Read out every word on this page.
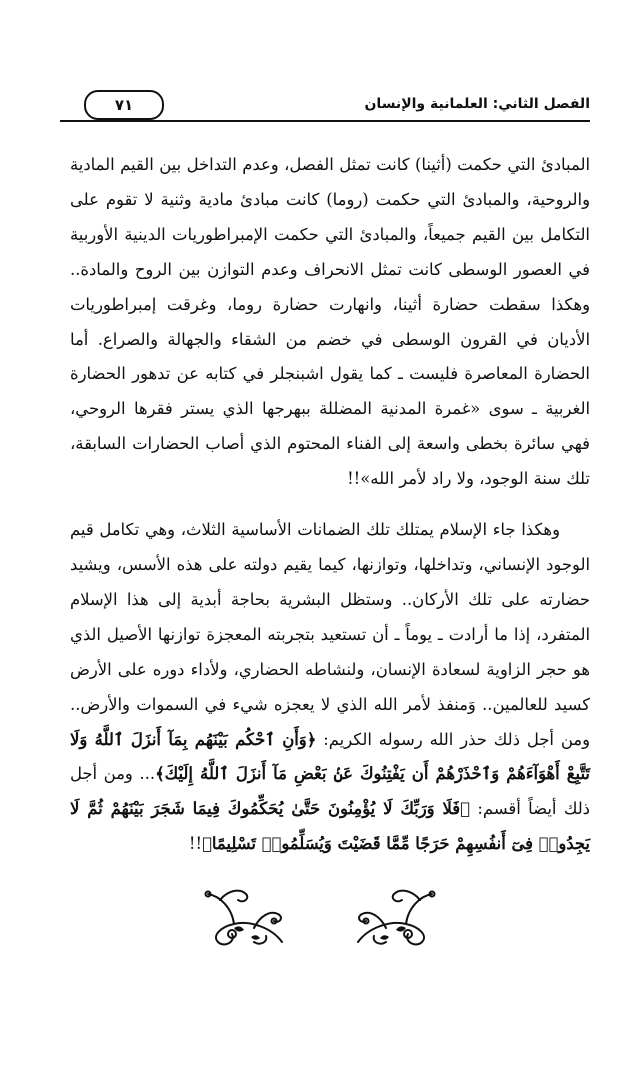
الفصل الثاني: العلمانية والإنسان
٧١

المبادئ التي حكمت (أثينا) كانت تمثل الفصل، وعدم التداخل بين القيم المادية والروحية، والمبادئ التي حكمت (روما) كانت مبادئ مادية وثنية لا تقوم على التكامل بين القيم جميعاً، والمبادئ التي حكمت الإمبراطوريات الدينية الأوربية في العصور الوسطى كانت تمثل الانحراف وعدم التوازن بين الروح والمادة.. وهكذا سقطت حضارة أثينا، وانهارت حضارة روما، وغرقت إمبراطوريات الأديان في القرون الوسطى في خضم من الشقاء والجهالة والصراع. أما الحضارة المعاصرة فليست ـ كما يقول اشبنجلر في كتابه عن تدهور الحضارة الغربية ـ سوى «غمرة المدنية المضللة ببهرجها الذي يستر فقرها الروحي، فهي سائرة بخطى واسعة إلى الفناء المحتوم الذي أصاب الحضارات السابقة، تلك سنة الوجود، ولا راد لأمر الله»!!

وهكذا جاء الإسلام يمتلك تلك الضمانات الأساسية الثلاث، وهي تكامل قيم الوجود الإنساني، وتداخلها، وتوازنها، كيما يقيم دولته على هذه الأسس، ويشيد حضارته على تلك الأركان.. وستظل البشرية بحاجة أبدية إلى هذا الإسلام المتفرد، إذا ما أرادت ـ يوماً ـ أن تستعيد بتجربته المعجزة توازنها الأصيل الذي هو حجر الزاوية لسعادة الإنسان، ولنشاطه الحضاري، ولأداء دوره على الأرض كسيد للعالمين.. وَمنفذ لأمر الله الذي لا يعجزه شيء في السموات والأرض.. ومن أجل ذلك حذر الله رسوله الكريم: ﴿وَأَنِ ٱحْكُم بَيْنَهُم بِمَآ أَنزَلَ ٱللَّهُ وَلَا تَتَّبِعْ أَهْوَآءَهُمْ وَٱحْذَرْهُمْ أَن يَفْتِنُوكَ عَنۢ بَعْضِ مَآ أَنزَلَ ٱللَّهُ إِلَيْكَ﴾... ومن أجل ذلك أيضاً أقسم: ﴿فَلَا وَرَبِّكَ لَا يُؤْمِنُونَ حَتَّىٰ يُحَكِّمُوكَ فِيمَا شَجَرَ بَيْنَهُمْ ثُمَّ لَا يَجِدُوا۟ فِىٓ أَنفُسِهِمْ حَرَجًا مِّمَّا قَضَيْتَ وَيُسَلِّمُوا۟ تَسْلِيمًا﴾!!
